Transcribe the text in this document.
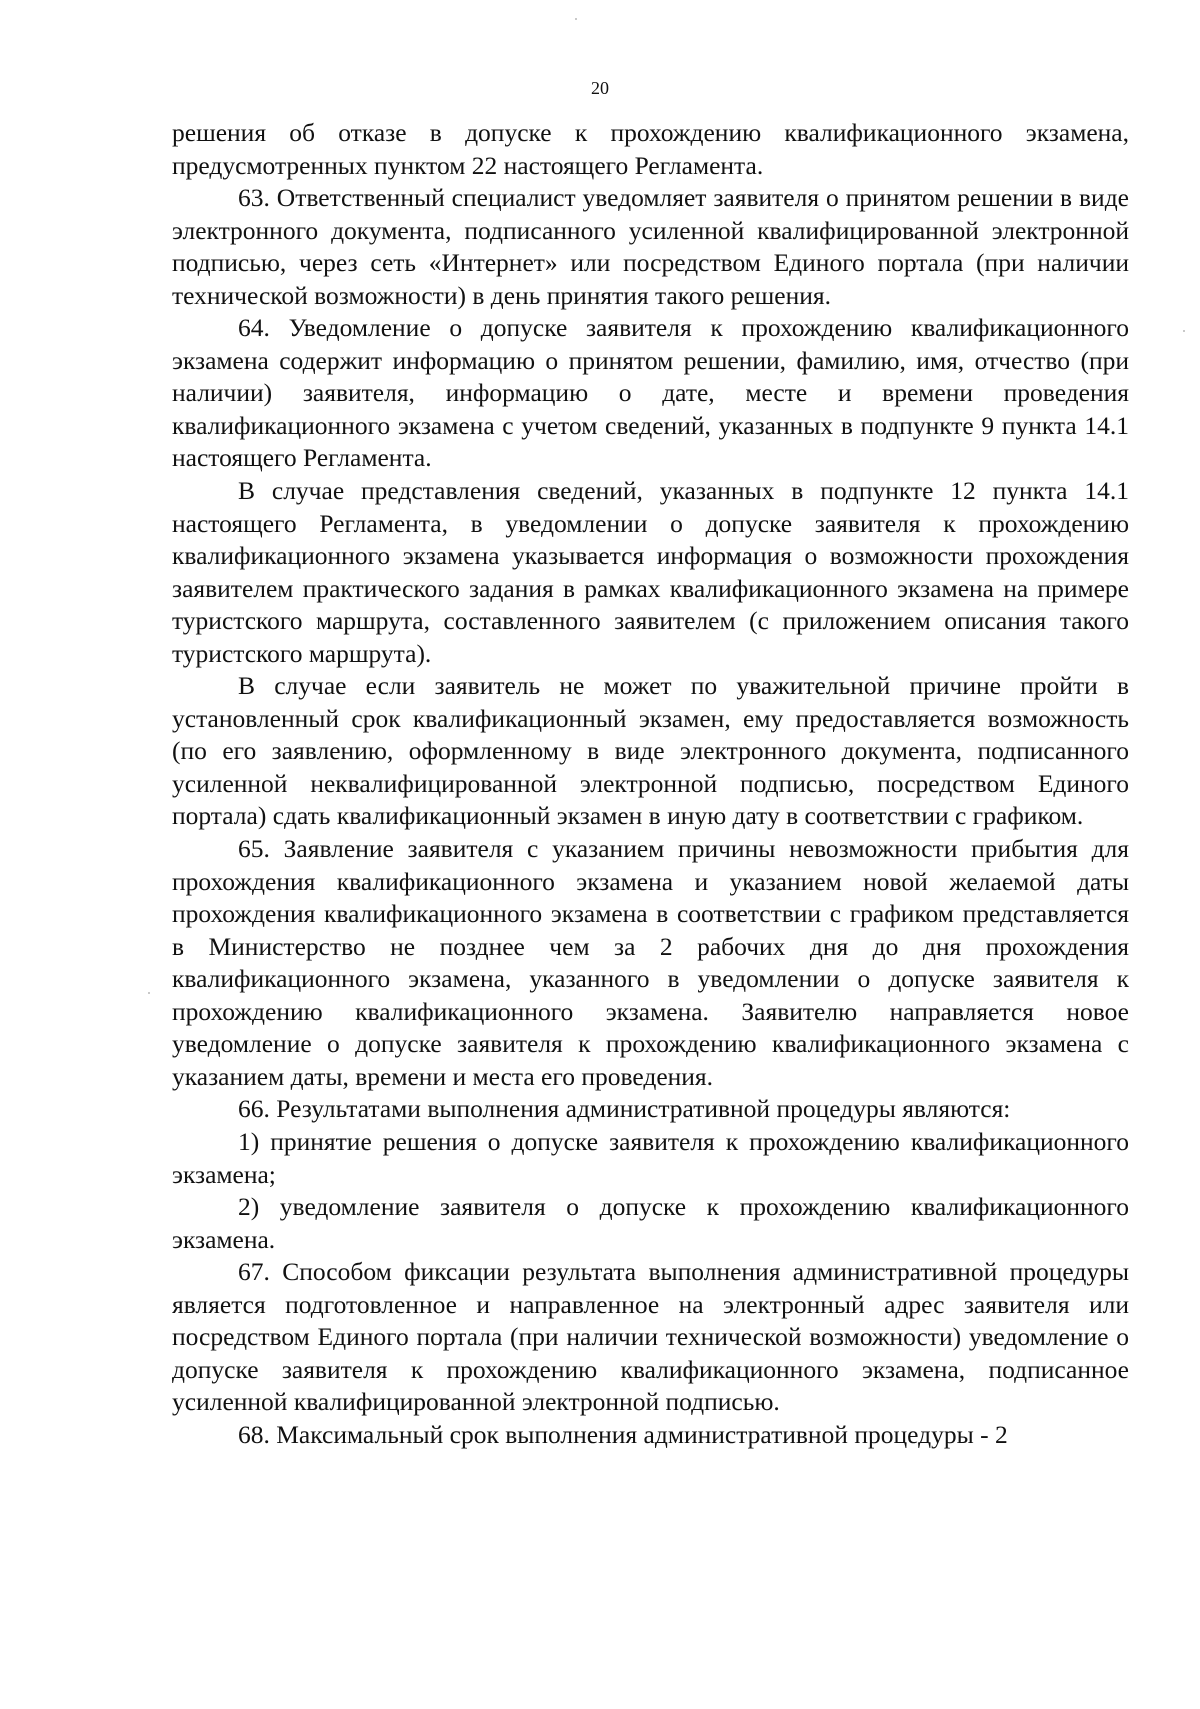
20

решения об отказе в допуске к прохождению квалификационного экзамена, предусмотренных пунктом 22 настоящего Регламента.

63. Ответственный специалист уведомляет заявителя о принятом решении в виде электронного документа, подписанного усиленной квалифицированной электронной подписью, через сеть «Интернет» или посредством Единого портала (при наличии технической возможности) в день принятия такого решения.

64. Уведомление о допуске заявителя к прохождению квалификационного экзамена содержит информацию о принятом решении, фамилию, имя, отчество (при наличии) заявителя, информацию о дате, месте и времени проведения квалификационного экзамена с учетом сведений, указанных в подпункте 9 пункта 14.1 настоящего Регламента.

В случае представления сведений, указанных в подпункте 12 пункта 14.1 настоящего Регламента, в уведомлении о допуске заявителя к прохождению квалификационного экзамена указывается информация о возможности прохождения заявителем практического задания в рамках квалификационного экзамена на примере туристского маршрута, составленного заявителем (с приложением описания такого туристского маршрута).

В случае если заявитель не может по уважительной причине пройти в установленный срок квалификационный экзамен, ему предоставляется возможность (по его заявлению, оформленному в виде электронного документа, подписанного усиленной неквалифицированной электронной подписью, посредством Единого портала) сдать квалификационный экзамен в иную дату в соответствии с графиком.

65. Заявление заявителя с указанием причины невозможности прибытия для прохождения квалификационного экзамена и указанием новой желаемой даты прохождения квалификационного экзамена в соответствии с графиком представляется в Министерство не позднее чем за 2 рабочих дня до дня прохождения квалификационного экзамена, указанного в уведомлении о допуске заявителя к прохождению квалификационного экзамена. Заявителю направляется новое уведомление о допуске заявителя к прохождению квалификационного экзамена с указанием даты, времени и места его проведения.

66. Результатами выполнения административной процедуры являются:

1) принятие решения о допуске заявителя к прохождению квалификационного экзамена;

2) уведомление заявителя о допуске к прохождению квалификационного экзамена.

67. Способом фиксации результата выполнения административной процедуры является подготовленное и направленное на электронный адрес заявителя или посредством Единого портала (при наличии технической возможности) уведомление о допуске заявителя к прохождению квалификационного экзамена, подписанное усиленной квалифицированной электронной подписью.

68. Максимальный срок выполнения административной процедуры - 2
